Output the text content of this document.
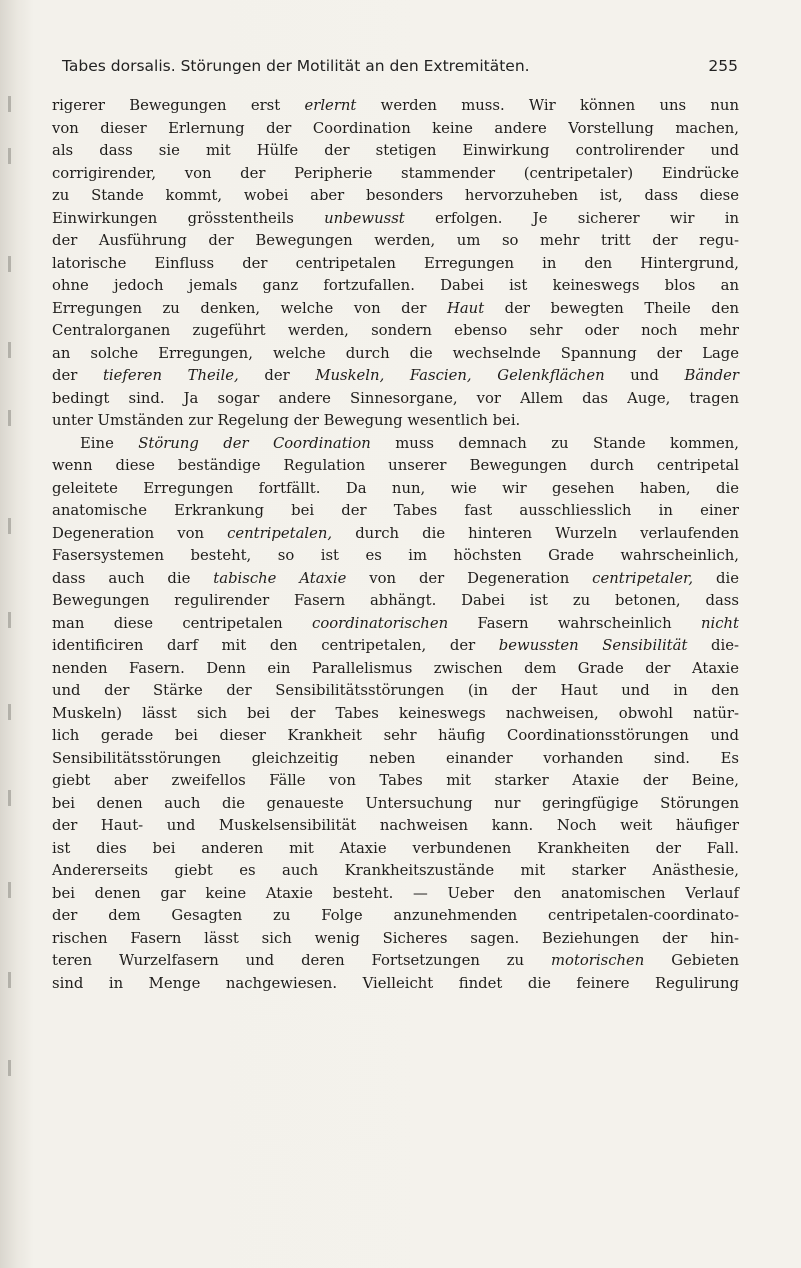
Tabes dorsalis. Störungen der Motilität an den Extremitäten.	255
rigerer Bewegungen erst erlernt werden muss. Wir können uns nun
von dieser Erlernung der Coordination keine andere Vorstellung machen,
als dass sie mit Hülfe der stetigen Einwirkung controlirender und
corrigirender, von der Peripherie stammender (centripetaler) Eindrücke
zu Stande kommt, wobei aber besonders hervorzuheben ist, dass diese
Einwirkungen grösstentheils unbewusst erfolgen. Je sicherer wir in
der Ausführung der Bewegungen werden, um so mehr tritt der regu-
latorische Einfluss der centripetalen Erregungen in den Hintergrund,
ohne jedoch jemals ganz fortzufallen. Dabei ist keineswegs blos an
Erregungen zu denken, welche von der Haut der bewegten Theile den
Centralorganen zugeführt werden, sondern ebenso sehr oder noch mehr
an solche Erregungen, welche durch die wechselnde Spannung der Lage
der tieferen Theile, der Muskeln, Fascien, Gelenkflächen und Bänder
bedingt sind. Ja sogar andere Sinnesorgane, vor Allem das Auge, tragen
unter Umständen zur Regelung der Bewegung wesentlich bei.
Eine Störung der Coordination muss demnach zu Stande kommen,
wenn diese beständige Regulation unserer Bewegungen durch centripetal
geleitete Erregungen fortfällt. Da nun, wie wir gesehen haben, die
anatomische Erkrankung bei der Tabes fast ausschliesslich in einer
Degeneration von centripetalen, durch die hinteren Wurzeln verlaufenden
Fasersystemen besteht, so ist es im höchsten Grade wahrscheinlich,
dass auch die tabische Ataxie von der Degeneration centripetaler, die
Bewegungen regulirender Fasern abhängt. Dabei ist zu betonen, dass
man diese centripetalen coordinatorischen Fasern wahrscheinlich nicht
identificiren darf mit den centripetalen, der bewussten Sensibilität die-
nenden Fasern. Denn ein Parallelismus zwischen dem Grade der Ataxie
und der Stärke der Sensibilitätsstörungen (in der Haut und in den
Muskeln) lässt sich bei der Tabes keineswegs nachweisen, obwohl natür-
lich gerade bei dieser Krankheit sehr häufig Coordinationsstörungen und
Sensibilitätsstörungen gleichzeitig neben einander vorhanden sind. Es
giebt aber zweifellos Fälle von Tabes mit starker Ataxie der Beine,
bei denen auch die genaueste Untersuchung nur geringfügige Störungen
der Haut- und Muskelsensibilität nachweisen kann. Noch weit häufiger
ist dies bei anderen mit Ataxie verbundenen Krankheiten der Fall.
Andererseits giebt es auch Krankheitszustände mit starker Anästhesie,
bei denen gar keine Ataxie besteht. — Ueber den anatomischen Verlauf
der dem Gesagten zu Folge anzunehmenden centripetalen-coordinato-
rischen Fasern lässt sich wenig Sicheres sagen. Beziehungen der hin-
teren Wurzelfasern und deren Fortsetzungen zu motorischen Gebieten
sind in Menge nachgewiesen. Vielleicht findet die feinere Regulirung
